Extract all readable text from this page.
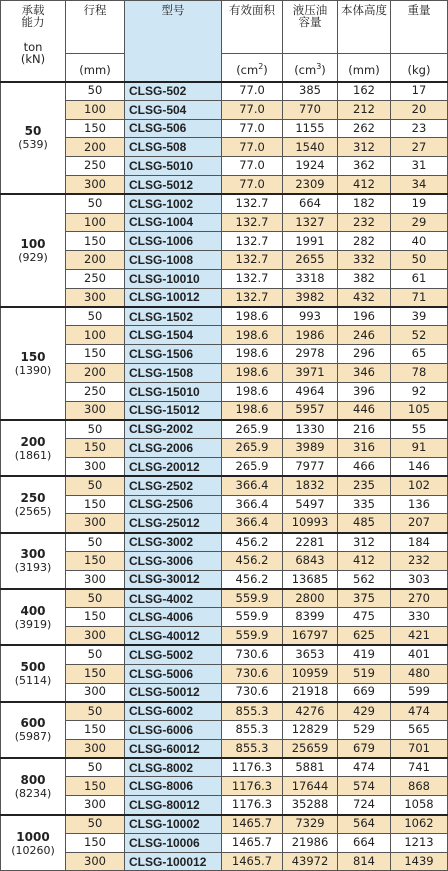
承载
能力
ton
(kN)	行程	型号	有效面积	液压油
容量	本体高度	重量
	(mm)		$(cm^2)$	$(cm^3)$	(mm)	(kg)

50
(539)	50	CLSG-502	77.0	385	162	17
	100	CLSG-504	77.0	770	212	20
	150	CLSG-506	77.0	1155	262	23
	200	CLSG-508	77.0	1540	312	27
	250	CLSG-5010	77.0	1924	362	31
	300	CLSG-5012	77.0	2309	412	34

100
(929)	50	CLSG-1002	132.7	664	182	19
	100	CLSG-1004	132.7	1327	232	29
	150	CLSG-1006	132.7	1991	282	40
	200	CLSG-1008	132.7	2655	332	50
	250	CLSG-10010	132.7	3318	382	61
	300	CLSG-10012	132.7	3982	432	71

150
(1390)	50	CLSG-1502	198.6	993	196	39
	100	CLSG-1504	198.6	1986	246	52
	150	CLSG-1506	198.6	2978	296	65
	200	CLSG-1508	198.6	3971	346	78
	250	CLSG-15010	198.6	4964	396	92
	300	CLSG-15012	198.6	5957	446	105

200
(1861)	50	CLSG-2002	265.9	1330	216	55
	150	CLSG-2006	265.9	3989	316	91
	300	CLSG-20012	265.9	7977	466	146

250
(2565)	50	CLSG-2502	366.4	1832	235	102
	150	CLSG-2506	366.4	5497	335	136
	300	CLSG-25012	366.4	10993	485	207

300
(3193)	50	CLSG-3002	456.2	2281	312	184
	150	CLSG-3006	456.2	6843	412	232
	300	CLSG-30012	456.2	13685	562	303

400
(3919)	50	CLSG-4002	559.9	2800	375	270
	150	CLSG-4006	559.9	8399	475	330
	300	CLSG-40012	559.9	16797	625	421

500
(5114)	50	CLSG-5002	730.6	3653	419	401
	150	CLSG-5006	730.6	10959	519	480
	300	CLSG-50012	730.6	21918	669	599

600
(5987)	50	CLSG-6002	855.3	4276	429	474
	150	CLSG-6006	855.3	12829	529	565
	300	CLSG-60012	855.3	25659	679	701

800
(8234)	50	CLSG-8002	1176.3	5881	474	741
	150	CLSG-8006	1176.3	17644	574	868
	300	CLSG-80012	1176.3	35288	724	1058

1000
(10260)	50	CLSG-10002	1465.7	7329	564	1062
	150	CLSG-10006	1465.7	21986	664	1213
	300	CLSG-100012	1465.7	43972	814	1439
